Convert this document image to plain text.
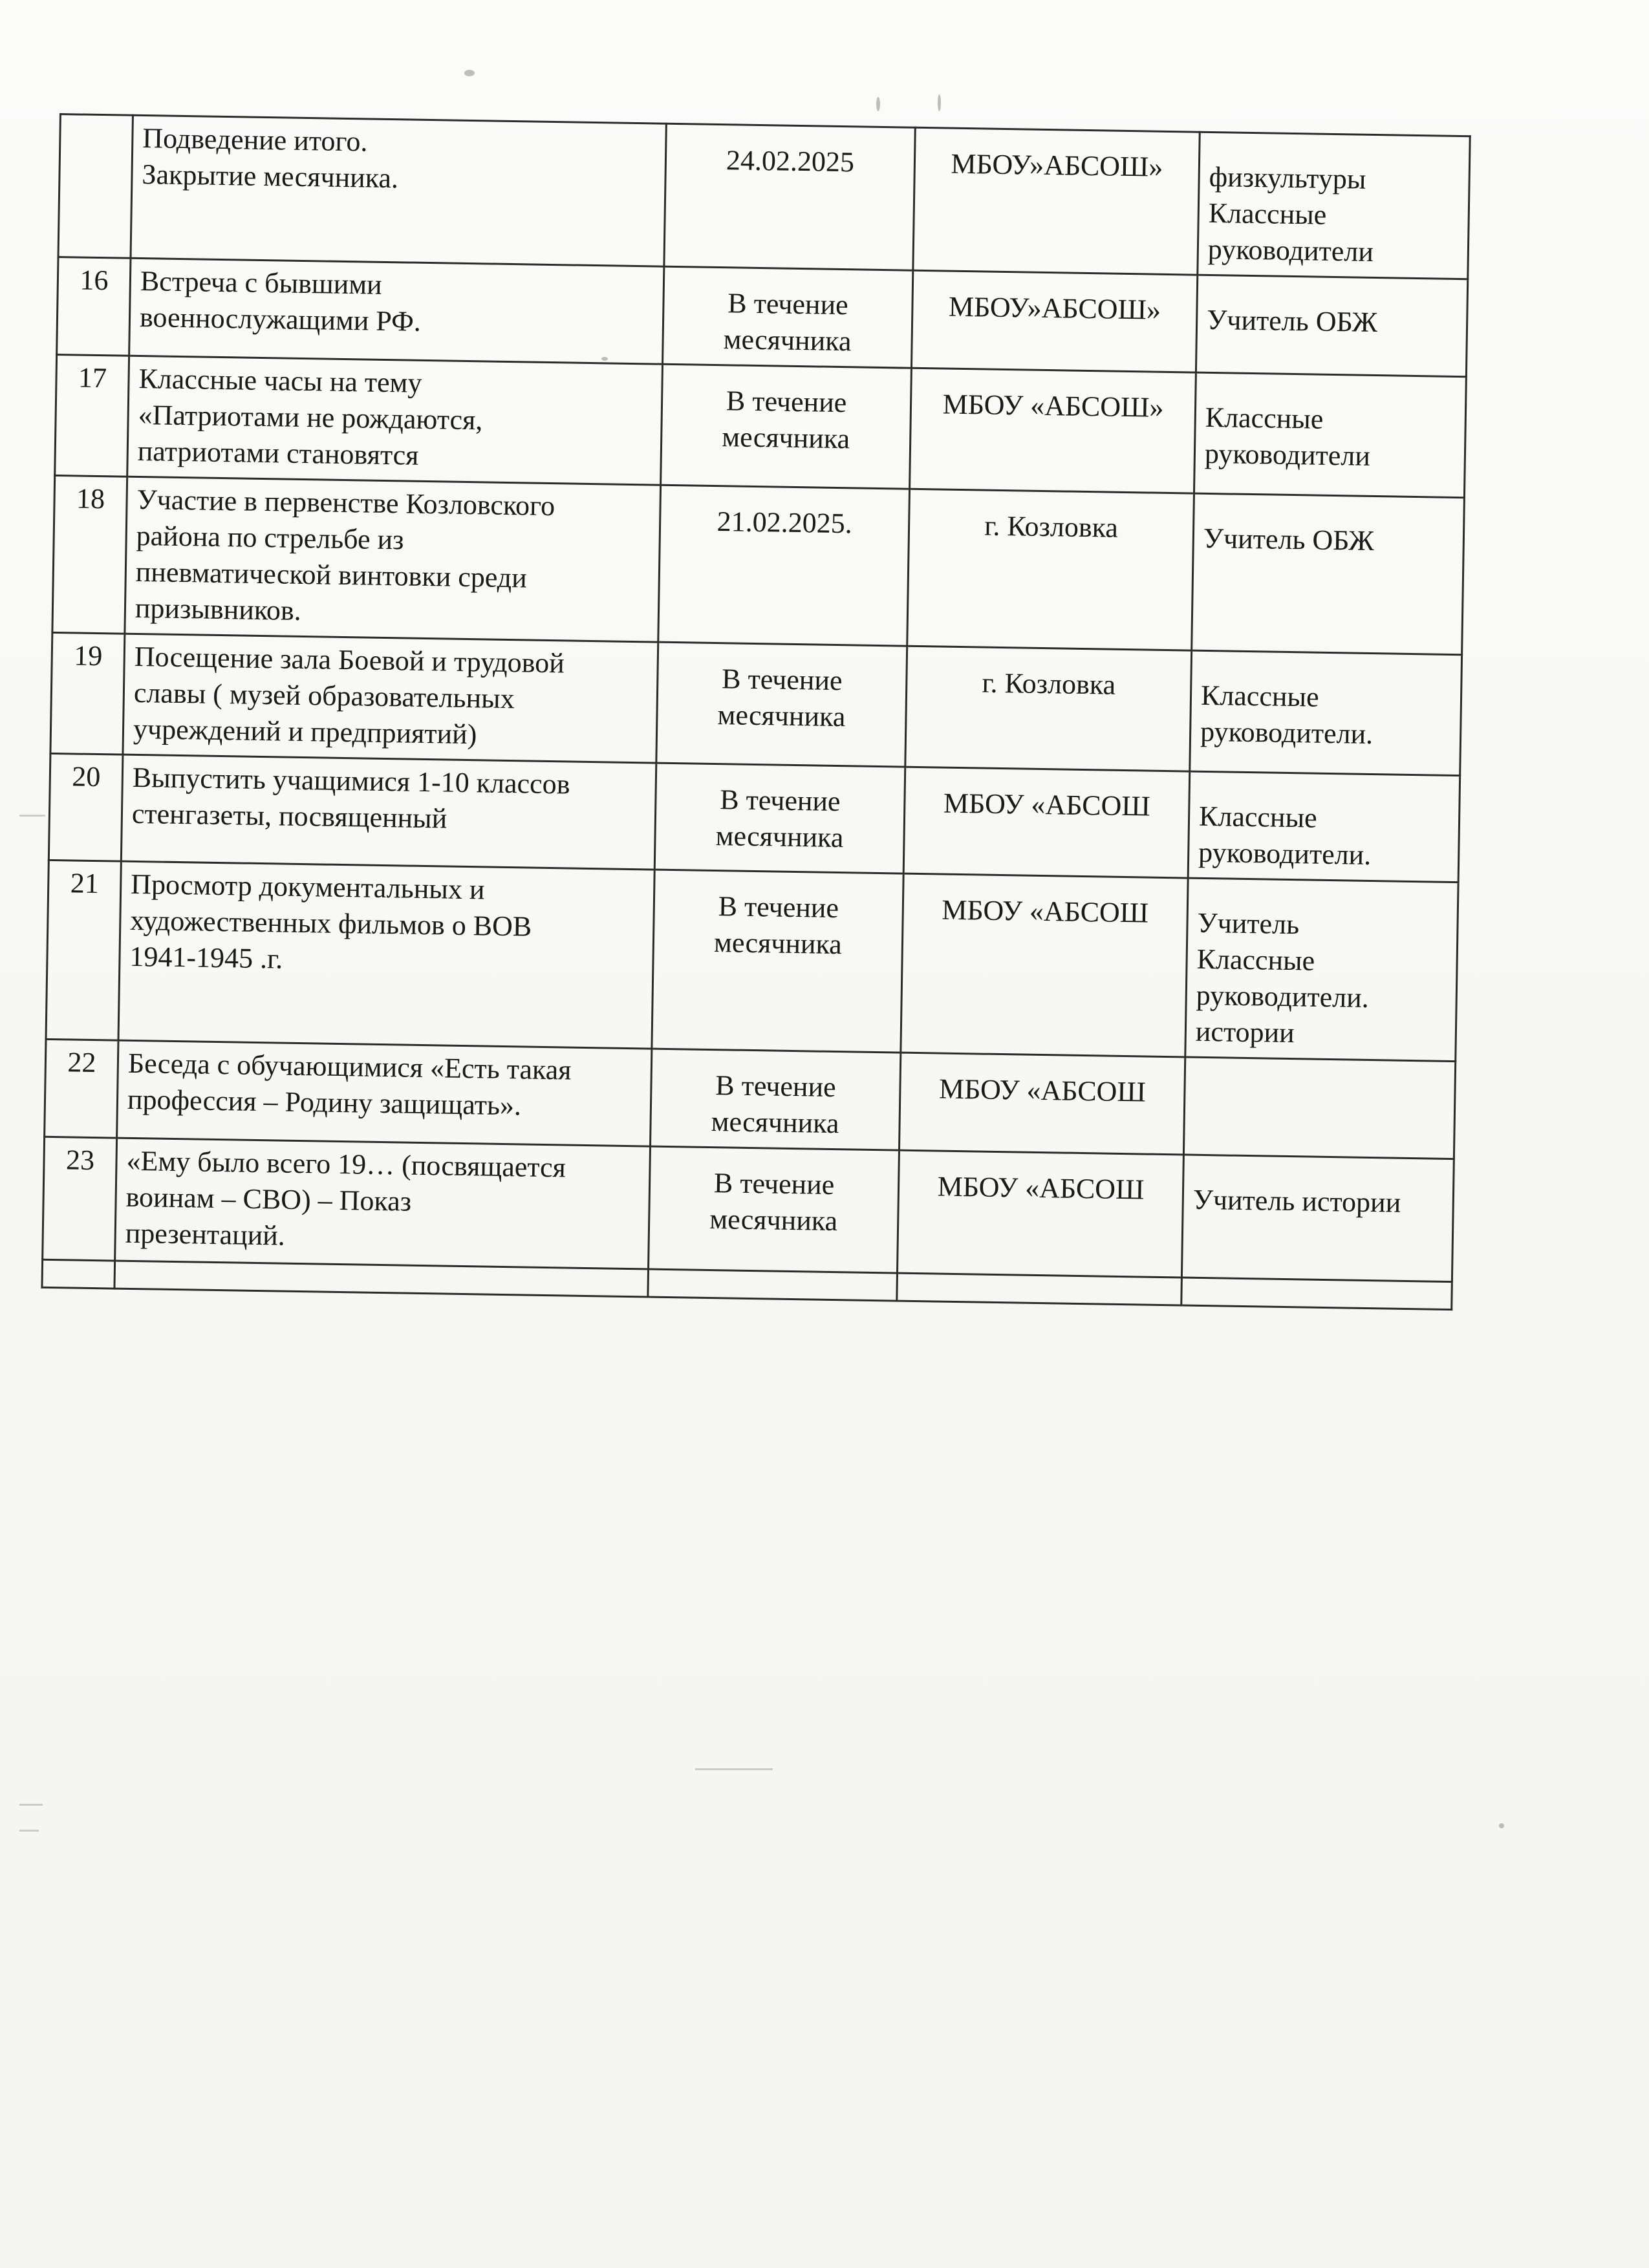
	Подведение итого.
Закрытие месячника.	24.02.2025	МБОУ»АБСОШ»	физкультуры
Классные
руководители

16	Встреча с бывшими
военнослужащими РФ.	В течение
месячника	МБОУ»АБСОШ»	Учитель ОБЖ

17	Классные часы на тему
«Патриотами не рождаются,
патриотами становятся	В течение
месячника	МБОУ «АБСОШ»	Классные
руководители

18	Участие в первенстве Козловского
района по стрельбе из
пневматической винтовки среди
призывников.	21.02.2025.	г. Козловка	Учитель ОБЖ

19	Посещение зала Боевой и трудовой
славы ( музей образовательных
учреждений и предприятий)	В течение
месячника	г. Козловка	Классные
руководители.

20	Выпустить учащимися 1-10 классов
стенгазеты, посвященный	В течение
месячника	МБОУ «АБСОШ	Классные
руководители.

21	Просмотр документальных и
художественных фильмов о ВОВ
1941-1945 .г.	В течение
месячника	МБОУ «АБСОШ	Учитель
Классные
руководители.
истории

22	Беседа с обучающимися «Есть такая
профессия – Родину защищать».	В течение
месячника	МБОУ «АБСОШ	

23	«Ему было всего 19… (посвящается
воинам – СВО) – Показ
презентаций.	В течение
месячника	МБОУ «АБСОШ	Учитель истории
